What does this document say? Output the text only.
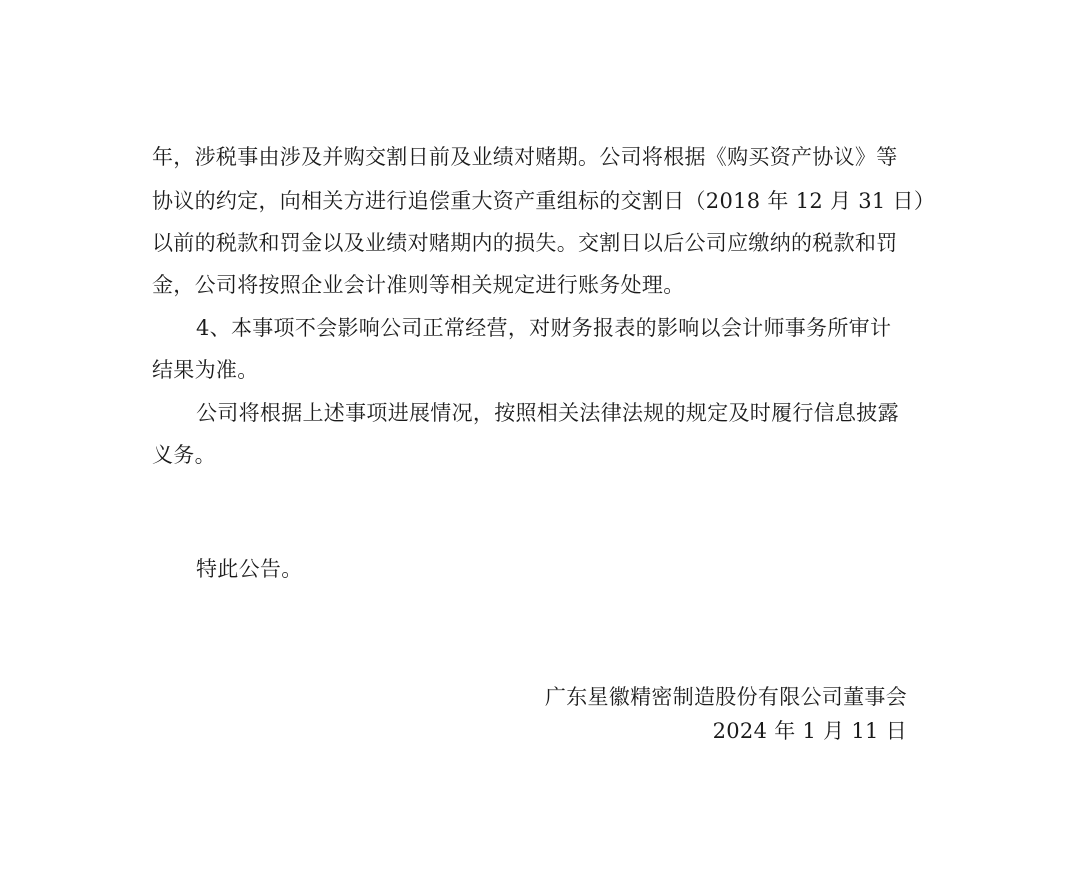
年，涉税事由涉及并购交割日前及业绩对赌期。公司将根据《购买资产协议》等
协议的约定，向相关方进行追偿重大资产重组标的交割日（2018 年 12 月 31 日）
以前的税款和罚金以及业绩对赌期内的损失。交割日以后公司应缴纳的税款和罚
金，公司将按照企业会计准则等相关规定进行账务处理。
4、本事项不会影响公司正常经营，对财务报表的影响以会计师事务所审计
结果为准。
公司将根据上述事项进展情况，按照相关法律法规的规定及时履行信息披露
义务。
特此公告。
广东星徽精密制造股份有限公司董事会
2024 年 1 月 11 日
